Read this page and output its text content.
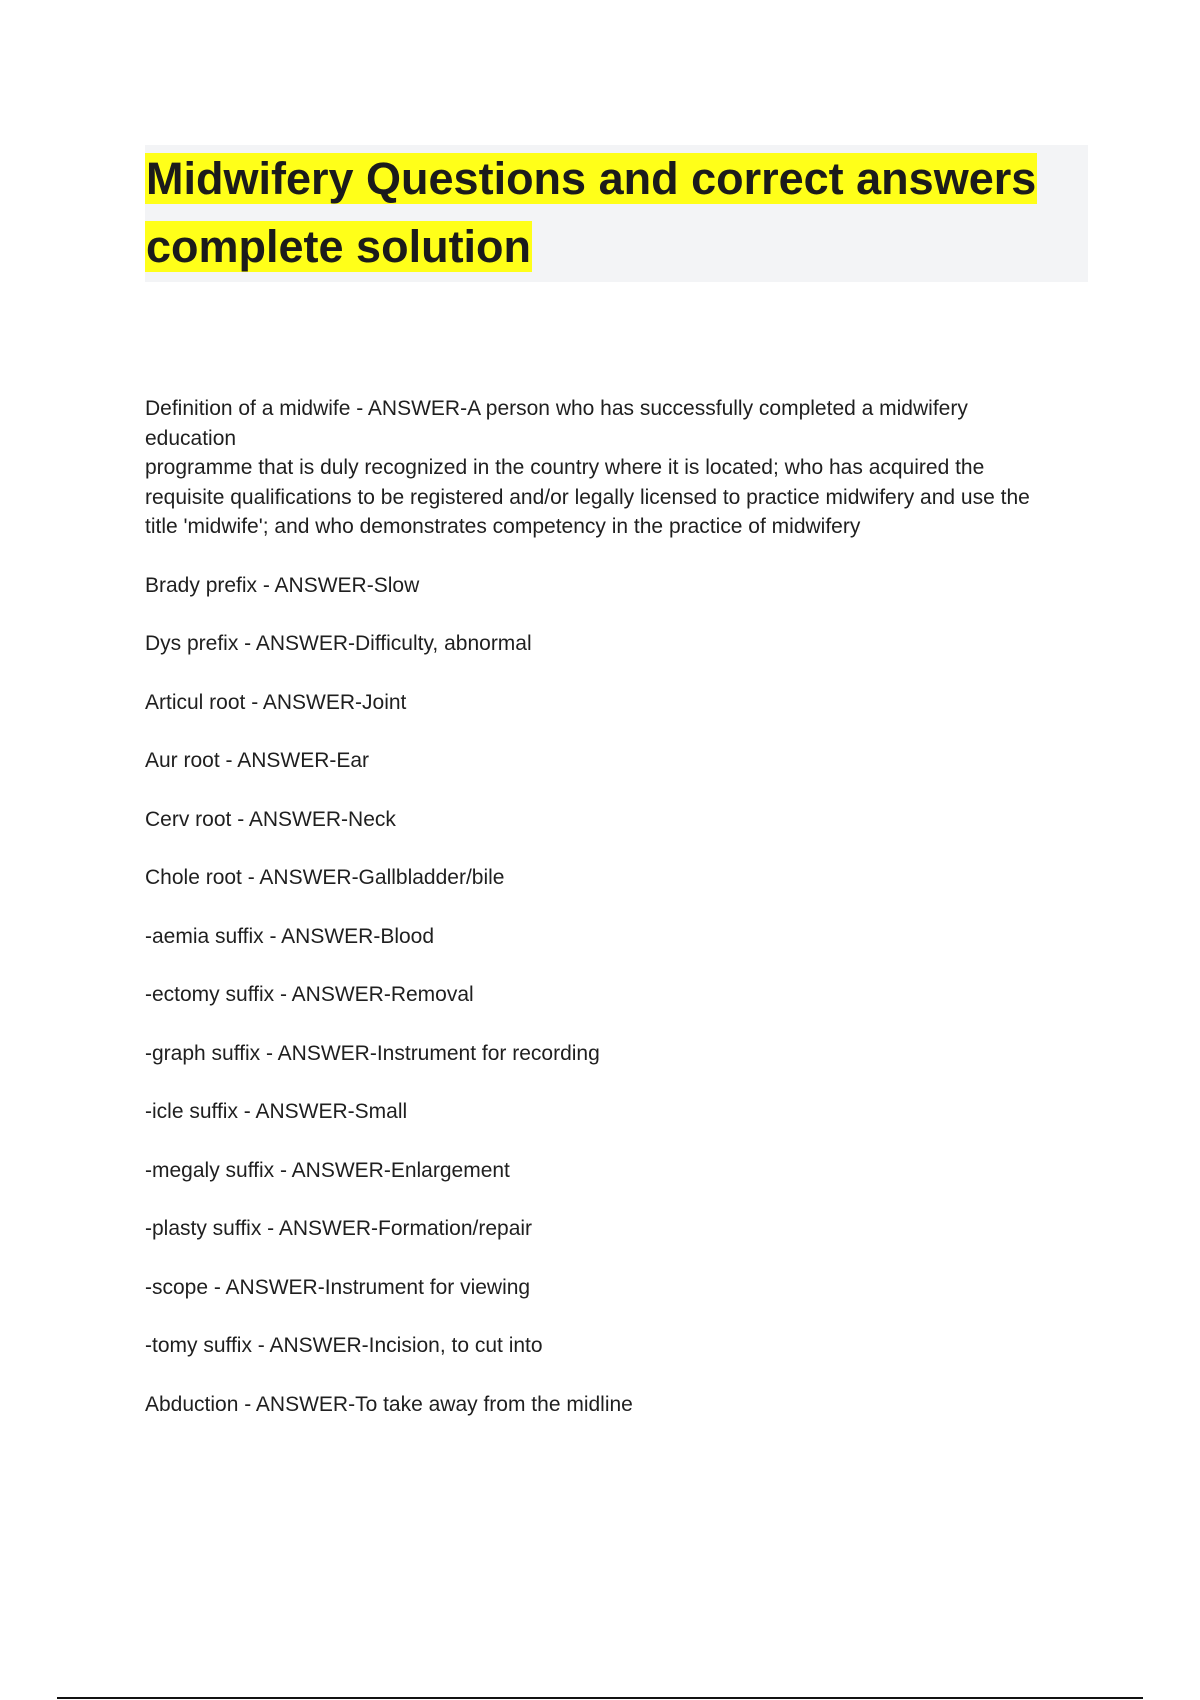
Midwifery Questions and correct answers
complete solution

Definition of a midwife - ANSWER-A person who has successfully completed a midwifery
education
programme that is duly recognized in the country where it is located; who has acquired the
requisite qualifications to be registered and/or legally licensed to practice midwifery and use the
title 'midwife'; and who demonstrates competency in the practice of midwifery

Brady prefix - ANSWER-Slow

Dys prefix - ANSWER-Difficulty, abnormal

Articul root - ANSWER-Joint

Aur root - ANSWER-Ear

Cerv root - ANSWER-Neck

Chole root - ANSWER-Gallbladder/bile

-aemia suffix - ANSWER-Blood

-ectomy suffix - ANSWER-Removal

-graph suffix - ANSWER-Instrument for recording

-icle suffix - ANSWER-Small

-megaly suffix - ANSWER-Enlargement

-plasty suffix - ANSWER-Formation/repair

-scope - ANSWER-Instrument for viewing

-tomy suffix - ANSWER-Incision, to cut into

Abduction - ANSWER-To take away from the midline
